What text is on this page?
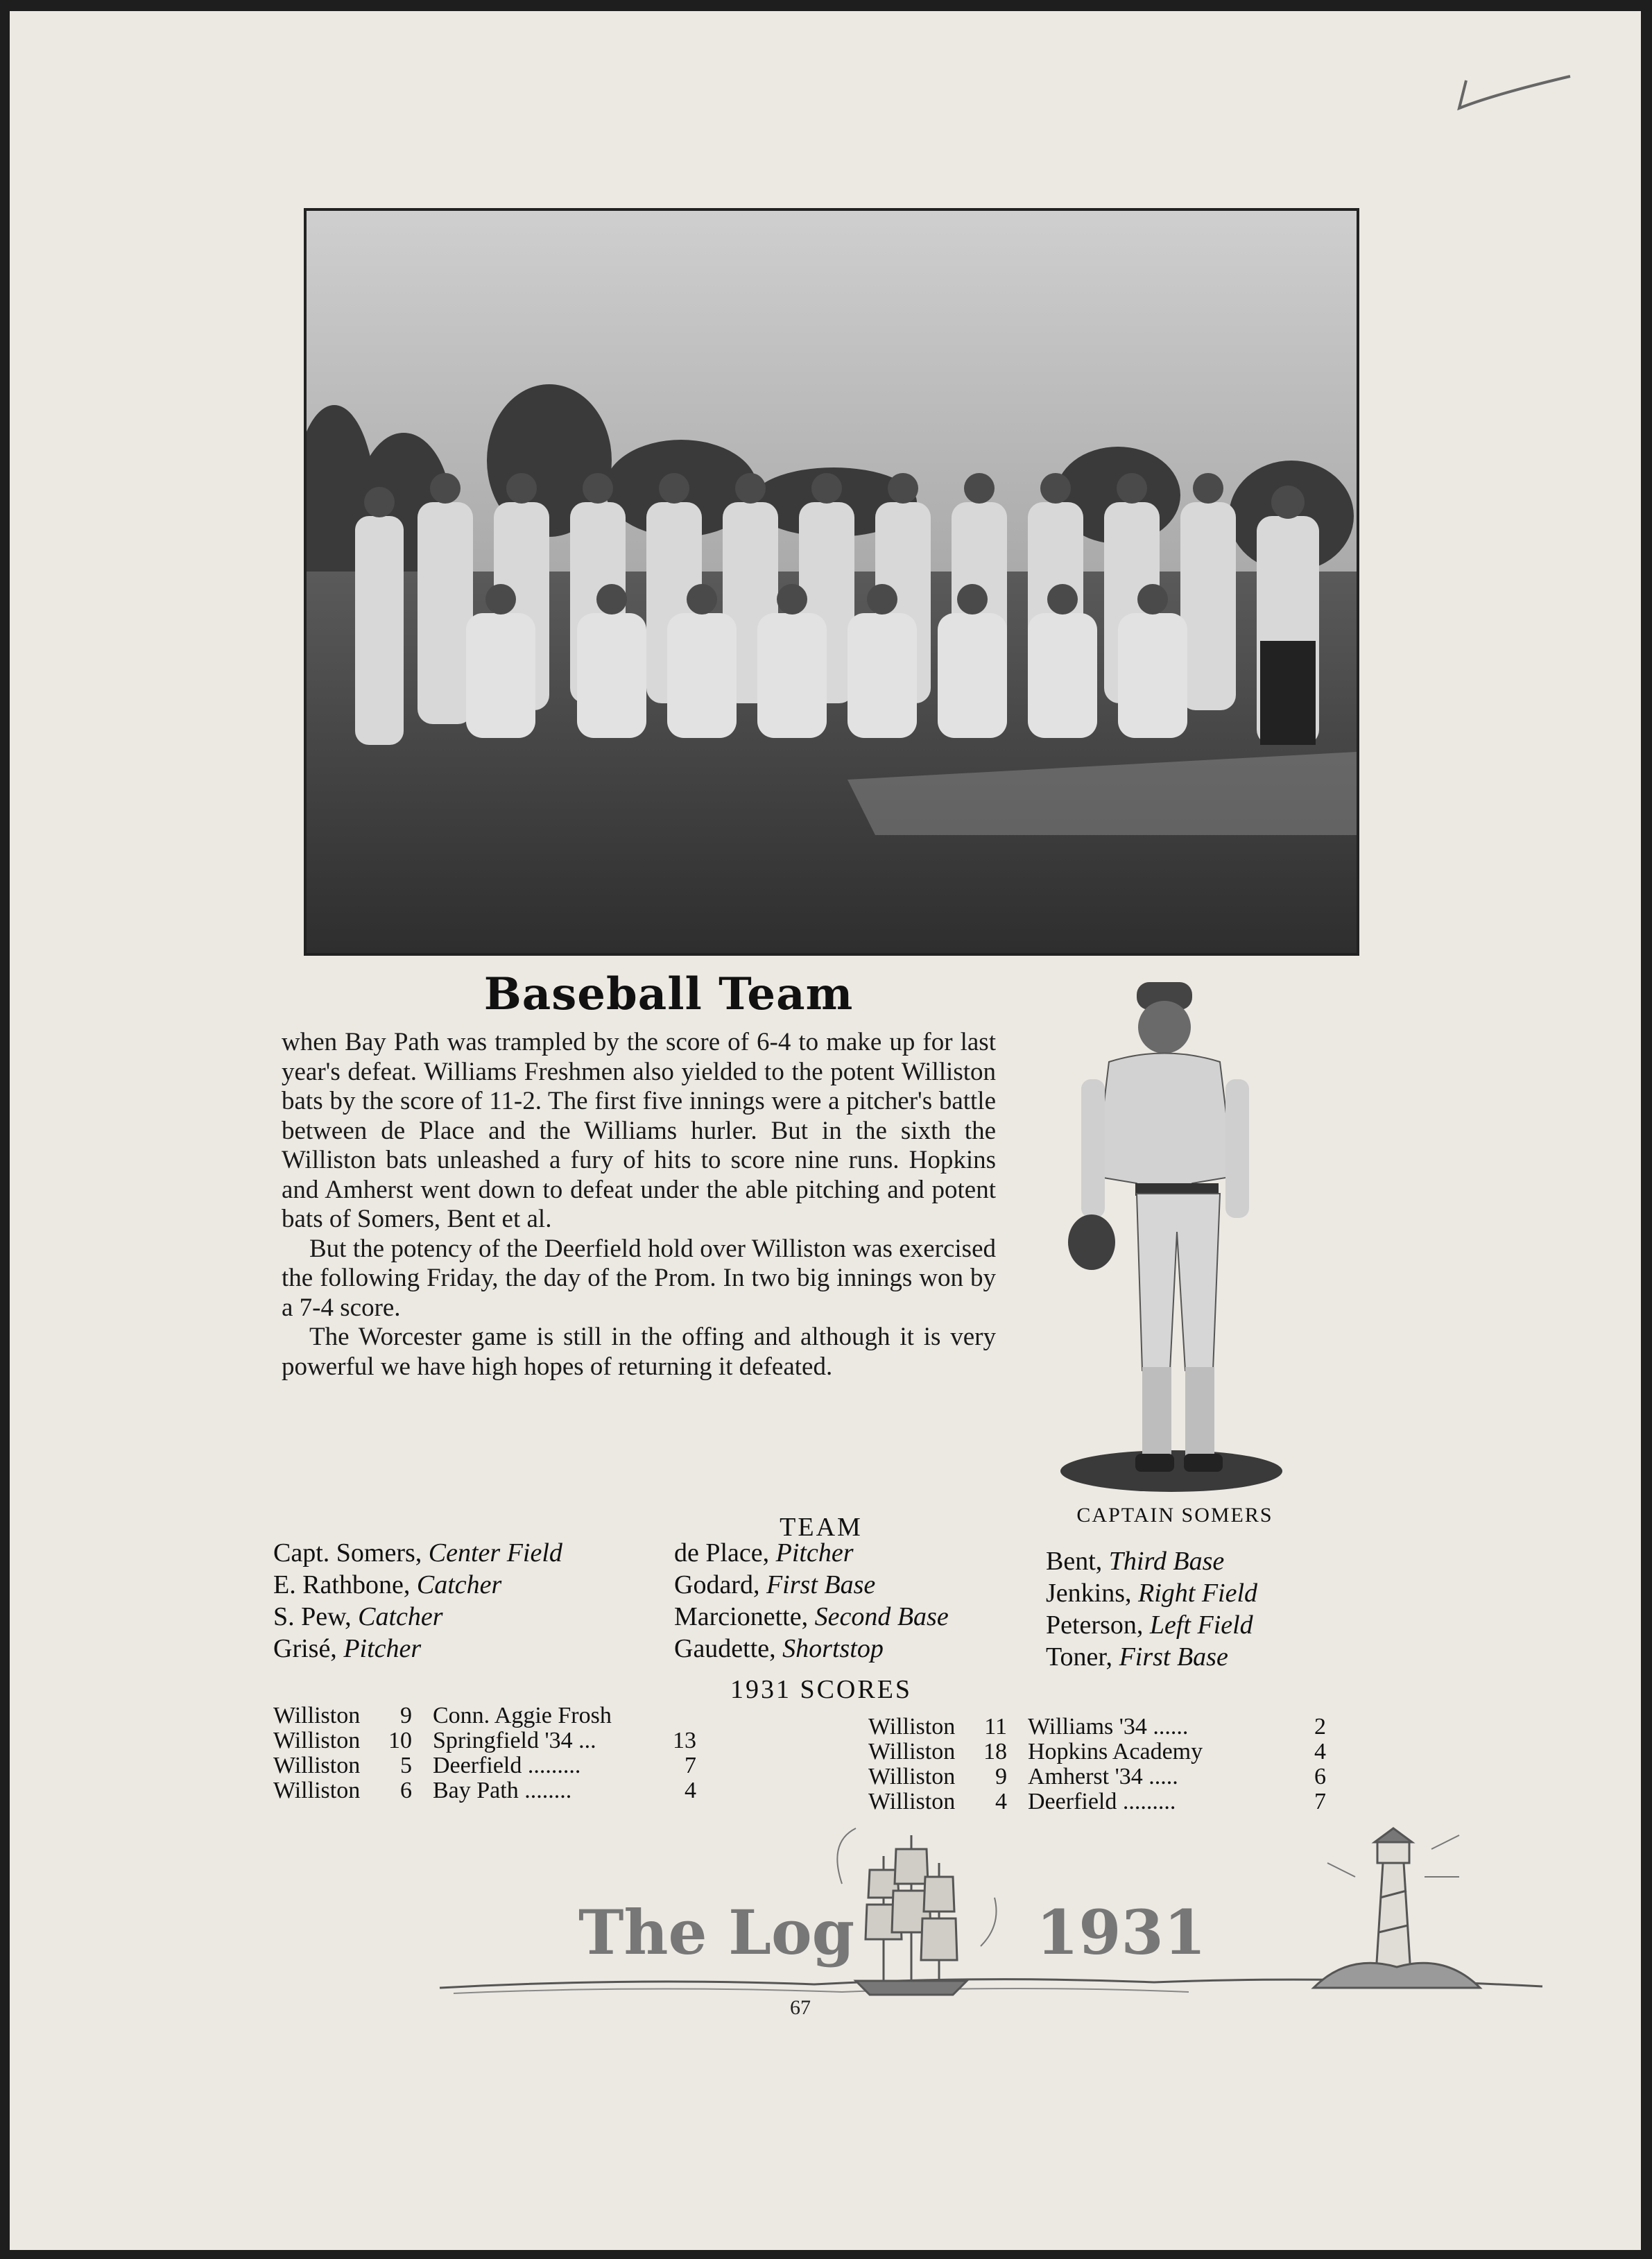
Baseball Team

when Bay Path was trampled by the score of 6-4 to make up for last year's defeat. Williams Freshmen also yielded to the potent Williston bats by the score of 11-2. The first five innings were a pitcher's battle between de Place and the Williams hurler. But in the sixth the Williston bats unleashed a fury of hits to score nine runs. Hopkins and Amherst went down to defeat under the able pitching and potent bats of Somers, Bent et al.

But the potency of the Deerfield hold over Williston was exercised the following Friday, the day of the Prom. In two big innings won by a 7-4 score.

The Worcester game is still in the offing and although it is very powerful we have high hopes of returning it defeated.

CAPTAIN SOMERS
TEAM
Capt. Somers, Center Field
E. Rathbone, Catcher
S. Pew, Catcher
Grisé, Pitcher
de Place, Pitcher
Godard, First Base
Marcionette, Second Base
Gaudette, Shortstop
Bent, Third Base
Jenkins, Right Field
Peterson, Left Field
Toner, First Base
1931 SCORES
Williston	9	Conn. Aggie Frosh	
Williston	10	Springfield '34 ...	13
Williston	5	Deerfield .........	7
Williston	6	Bay Path ........	4
Williston	11	Williams '34 ......	2
Williston	18	Hopkins Academy	4
Williston	9	Amherst '34 .....	6
Williston	4	Deerfield .........	7
The Log	1931
67
